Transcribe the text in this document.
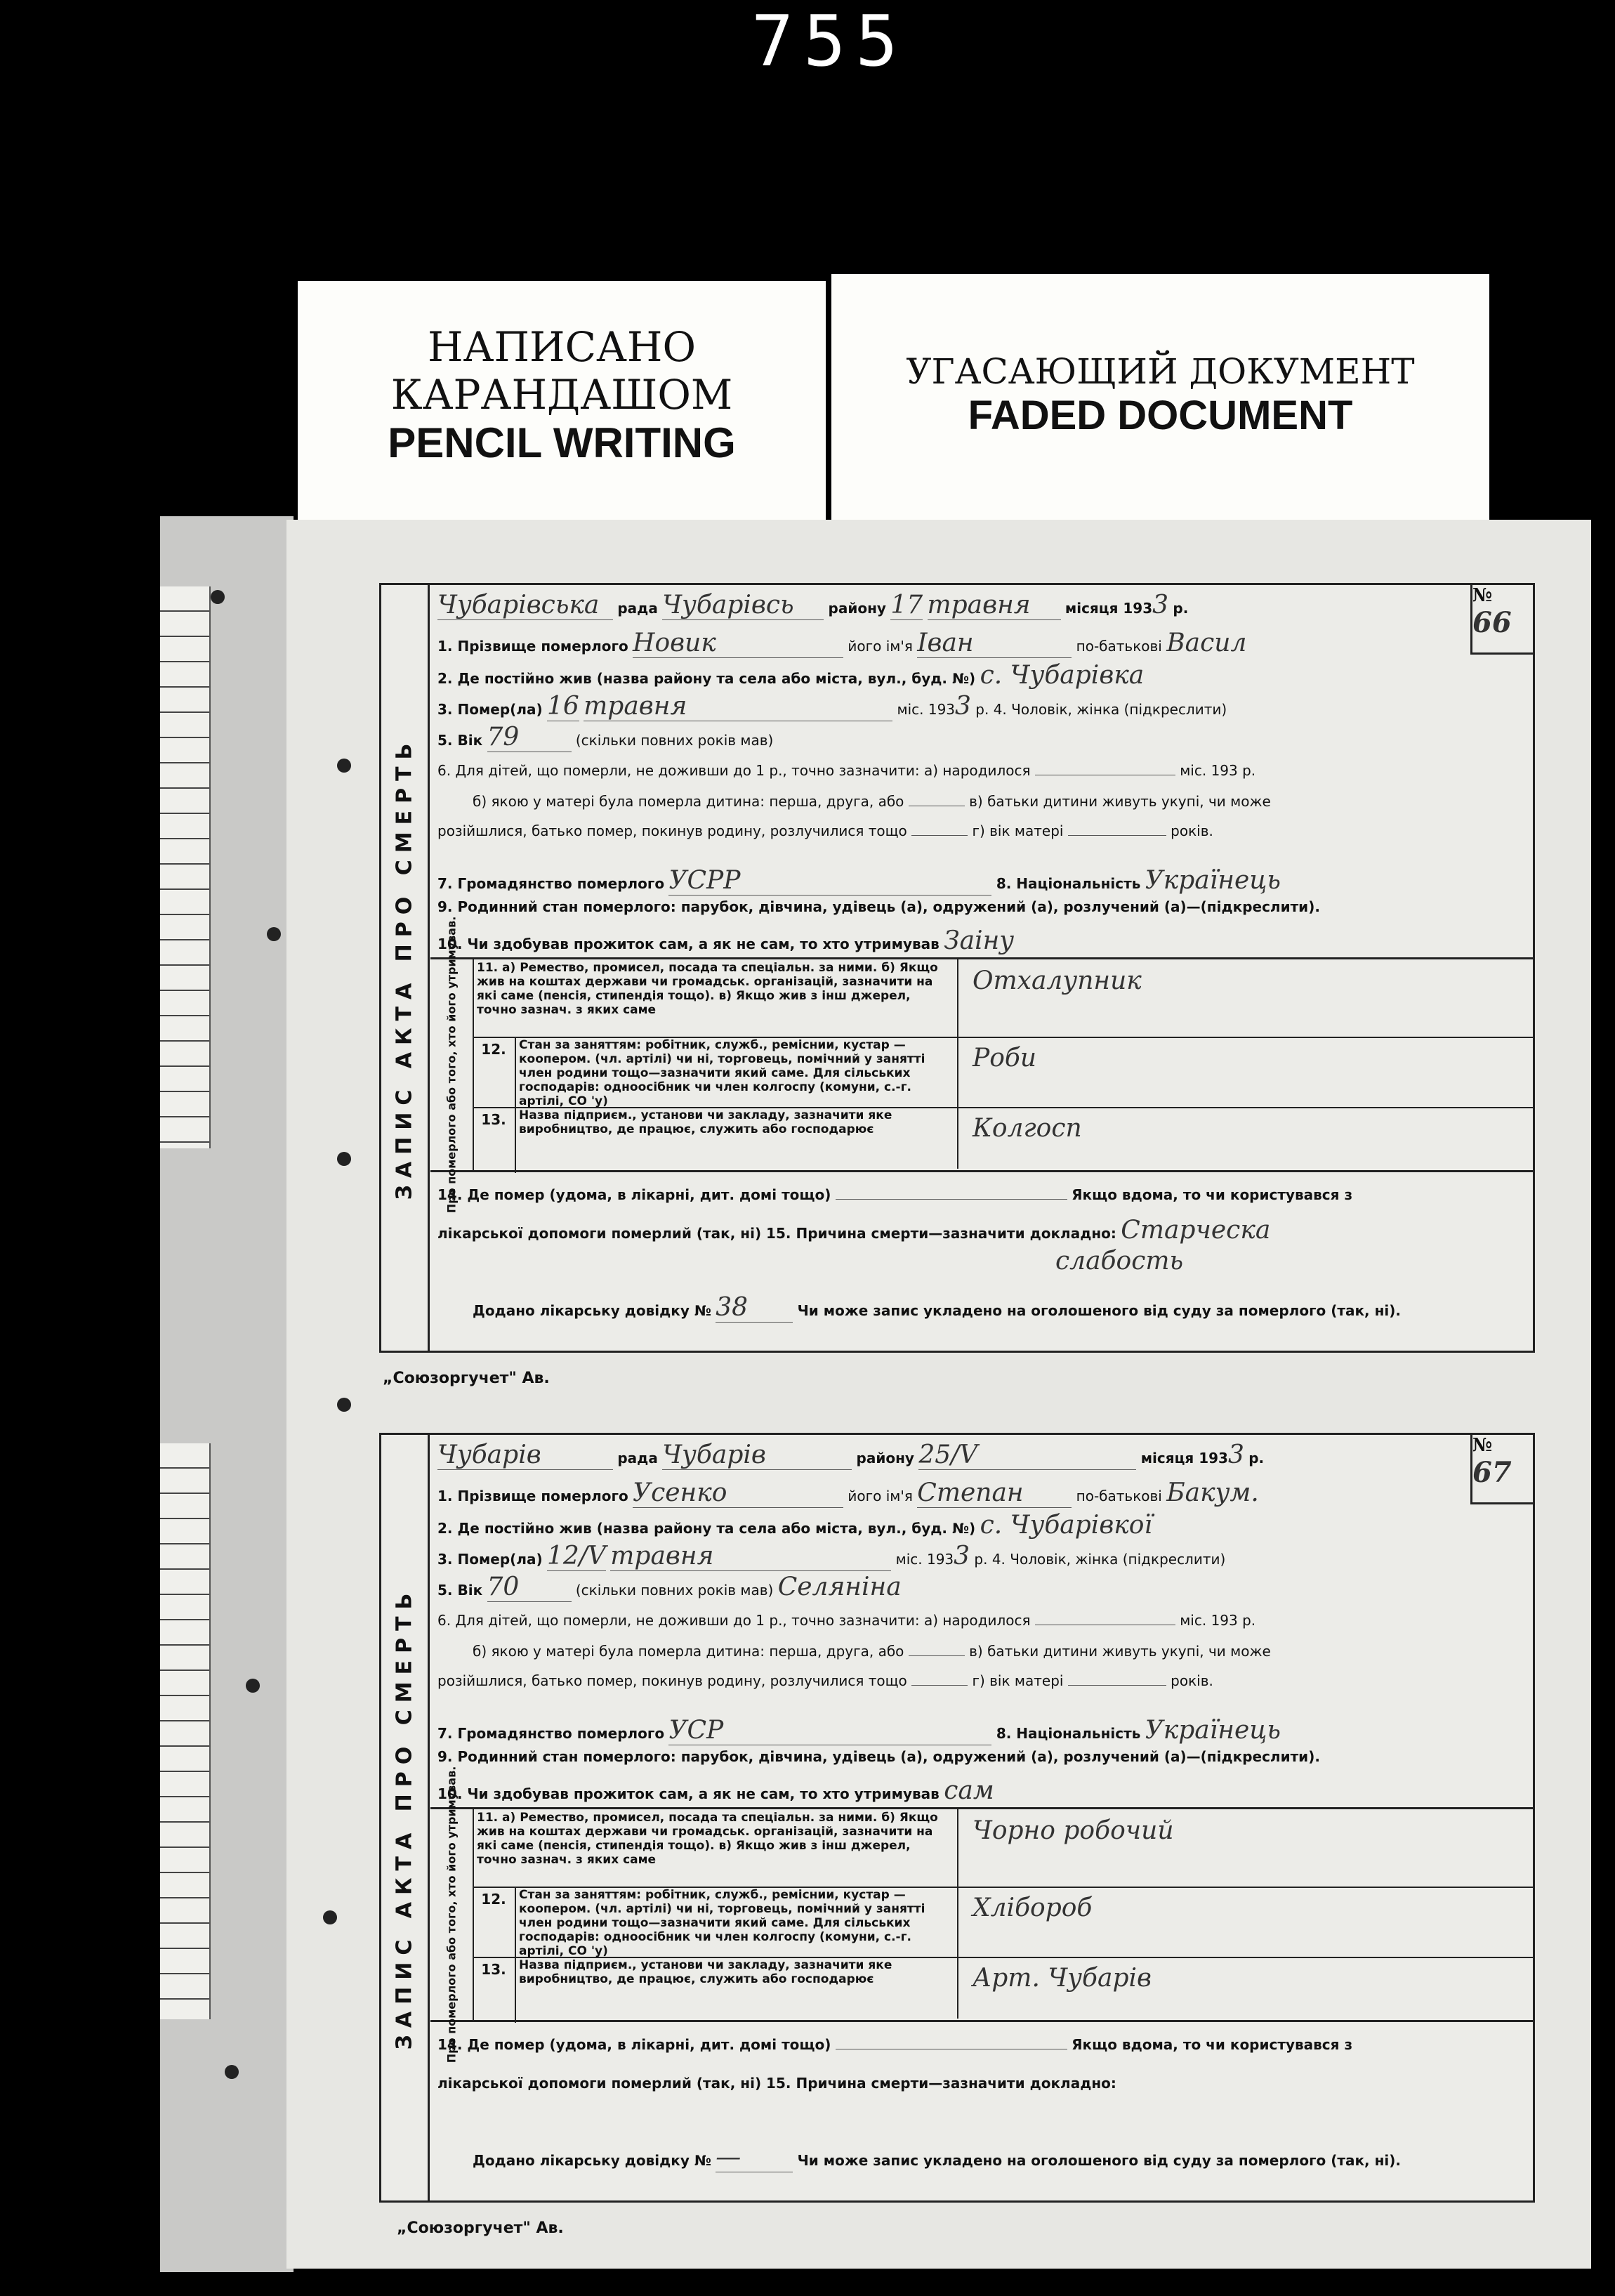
755
НАПИСАНО
КАРАНДАШОМ
PENCIL WRITING
УГАСАЮЩИЙ ДОКУМЕНТ
FADED DOCUMENT
ЗАПИС АКТА ПРО СМЕРТЬ
Чубарівська рада Чубарівсь району 17 травня місяця 1933 р.
1. Прізвище померлого Новик	його ім'я Іван	по-батькові Васил
2. Де постійно жив (назва району та села або міста, вул., буд. №) с. Чубарівка
3. Помер(ла) 16 травня	міс. 1933 р. 4. Чоловік, жінка (підкреслити)
5. Вік 79	(скільки повних років мав)
6. Для дітей, що померли, не доживши до 1 р., точно зазначити: а) народилося	міс. 193 р.
б) якою у матері була померла дитина: перша, друга, або	в) батьки дитини живуть укупі, чи може
розійшлися, батько помер, покинув родину, розлучилися тощо	г) вік матері	років.
7. Громадянство померлого УСРР	8. Національність Українець
9. Родинний стан померлого: парубок, дівчина, удівець (а), одружений (а), розлучений (а)—(підкреслити).
10. Чи здобував прожиток сам, а як не сам, то хто утримував Заіну
Про померлого або того, хто його утримував. 11. а) Ремество, промисел, посада та спеціальн. за ними. б) Якщо жив на коштах держави чи громадськ. організацій, зазначити на які саме (пенсія, стипендія тощо). в) Якщо жив з інш джерел, точно зазнач. з яких саме
Отхалупник
12.	Стан за заняттям: робітник, служб., реміснии, кустар — коопером. (чл. артілі) чи ні, торговець, помічний у занятті член родини тощо—зазначити який саме. Для сільських господарів: одноосібник чи член колгоспу (комуни, с.-г. артілі, СО 'у)
Роби
13.	Назва підприєм., установи чи закладу, зазначити яке виробництво, де працює, служить або господарює	Колгосп
14. Де помер (удома, в лікарні, дит. домі тощо)	Якщо вдома, то чи користувався з
лікарської допомоги померлий (так, ні) 15. Причина смерти—зазначити докладно: Старческа
слабость
Додано лікарську довідку № 38	Чи може запис укладено на оголошеного від суду за померлого (так, ні).
№ 66
„Союзоргучет" Ав.
ЗАПИС АКТА ПРО СМЕРТЬ
Чубарів	рада Чубарів	району 25/V	місяця 1933 р.
1. Прізвище померлого Усенко	його ім'я Степан	по-батькові Бакум.
2. Де постійно жив (назва району та села або міста, вул., буд. №) с. Чубарівкої
3. Помер(ла) 12/V травня	міс. 1933 р. 4. Чоловік, жінка (підкреслити)
5. Вік 70	(скільки повних років мав) Селяніна
6. Для дітей, що померли, не доживши до 1 р., точно зазначити: а) народилося	міс. 193 р.
б) якою у матері була померла дитина: перша, друга, або	в) батьки дитини живуть укупі, чи може
розійшлися, батько помер, покинув родину, розлучилися тощо	г) вік матері	років.
7. Громадянство померлого УСР	8. Національність Українець
9. Родинний стан померлого: парубок, дівчина, удівець (а), одружений (а), розлучений (а)—(підкреслити).
10. Чи здобував прожиток сам, а як не сам, то хто утримував сам
Про померлого або того, хто його утримував. 11. а) Ремество, промисел, посада та спеціальн. за ними. б) Якщо жив на коштах держави чи громадськ. організацій, зазначити на які саме (пенсія, стипендія тощо). в) Якщо жив з інш джерел, точно зазнач. з яких саме
Чорно робочий
12.	Стан за заняттям: робітник, служб., реміснии, кустар — коопером. (чл. артілі) чи ні, торговець, помічний у занятті член родини тощо—зазначити який саме. Для сільських господарів: одноосібник чи член колгоспу (комуни, с.-г. артілі, СО 'у)
Хлібороб
13.	Назва підприєм., установи чи закладу, зазначити яке виробництво, де працює, служить або господарює	Арт. Чубарів
14. Де помер (удома, в лікарні, дит. домі тощо)	Якщо вдома, то чи користувався з
лікарської допомоги померлий (так, ні) 15. Причина смерти—зазначити докладно:
Додано лікарську довідку № —	Чи може запис укладено на оголошеного від суду за померлого (так, ні).
№ 67
„Союзоргучет" Ав.
